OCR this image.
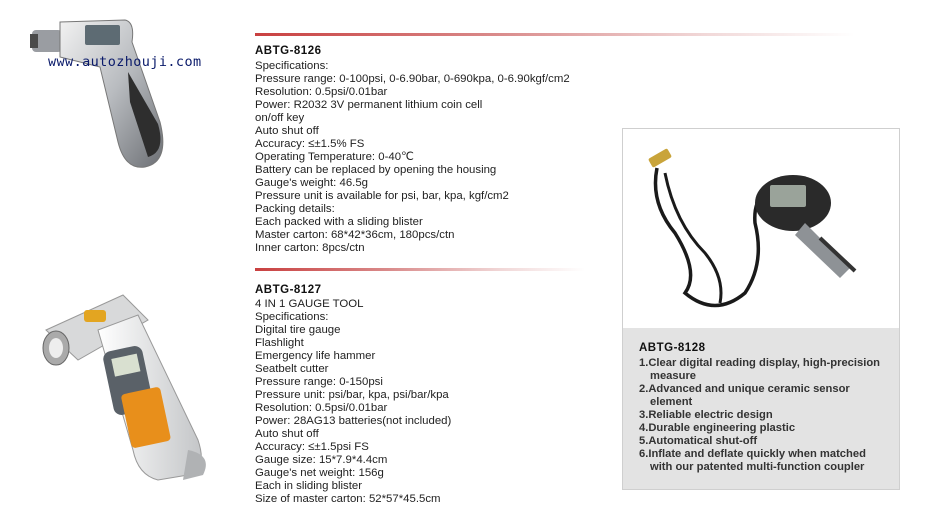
www.autozhouji.com
ABTG-8126
Specifications:
Pressure range: 0-100psi, 0-6.90bar, 0-690kpa, 0-6.90kgf/cm2
Resolution: 0.5psi/0.01bar
Power: R2032 3V permanent lithium coin cell
on/off key
Auto shut off
Accuracy: ≤±1.5% FS
Operating Temperature: 0-40℃
Battery can be replaced by opening the housing
Gauge's weight: 46.5g
Pressure unit is available for psi, bar, kpa, kgf/cm2
Packing details:
Each packed with a sliding blister
Master carton: 68*42*36cm, 180pcs/ctn
Inner carton: 8pcs/ctn
ABTG-8127
4 IN 1 GAUGE TOOL
Specifications:
Digital tire gauge
Flashlight
Emergency life hammer
Seatbelt cutter
Pressure range: 0-150psi
Pressure unit: psi/bar, kpa, psi/bar/kpa
Resolution: 0.5psi/0.01bar
Power: 28AG13 batteries(not included)
Auto shut off
Accuracy: ≤±1.5psi FS
Gauge size: 15*7.9*4.4cm
Gauge's net weight: 156g
Each in sliding blister
Size of master carton: 52*57*45.5cm
ABTG-8128
1.Clear digital reading display, high-precision
measure
2.Advanced and unique ceramic sensor
element
3.Reliable electric design
4.Durable engineering plastic
5.Automatical shut-off
6.Inflate and deflate quickly when matched
with our patented multi-function coupler
